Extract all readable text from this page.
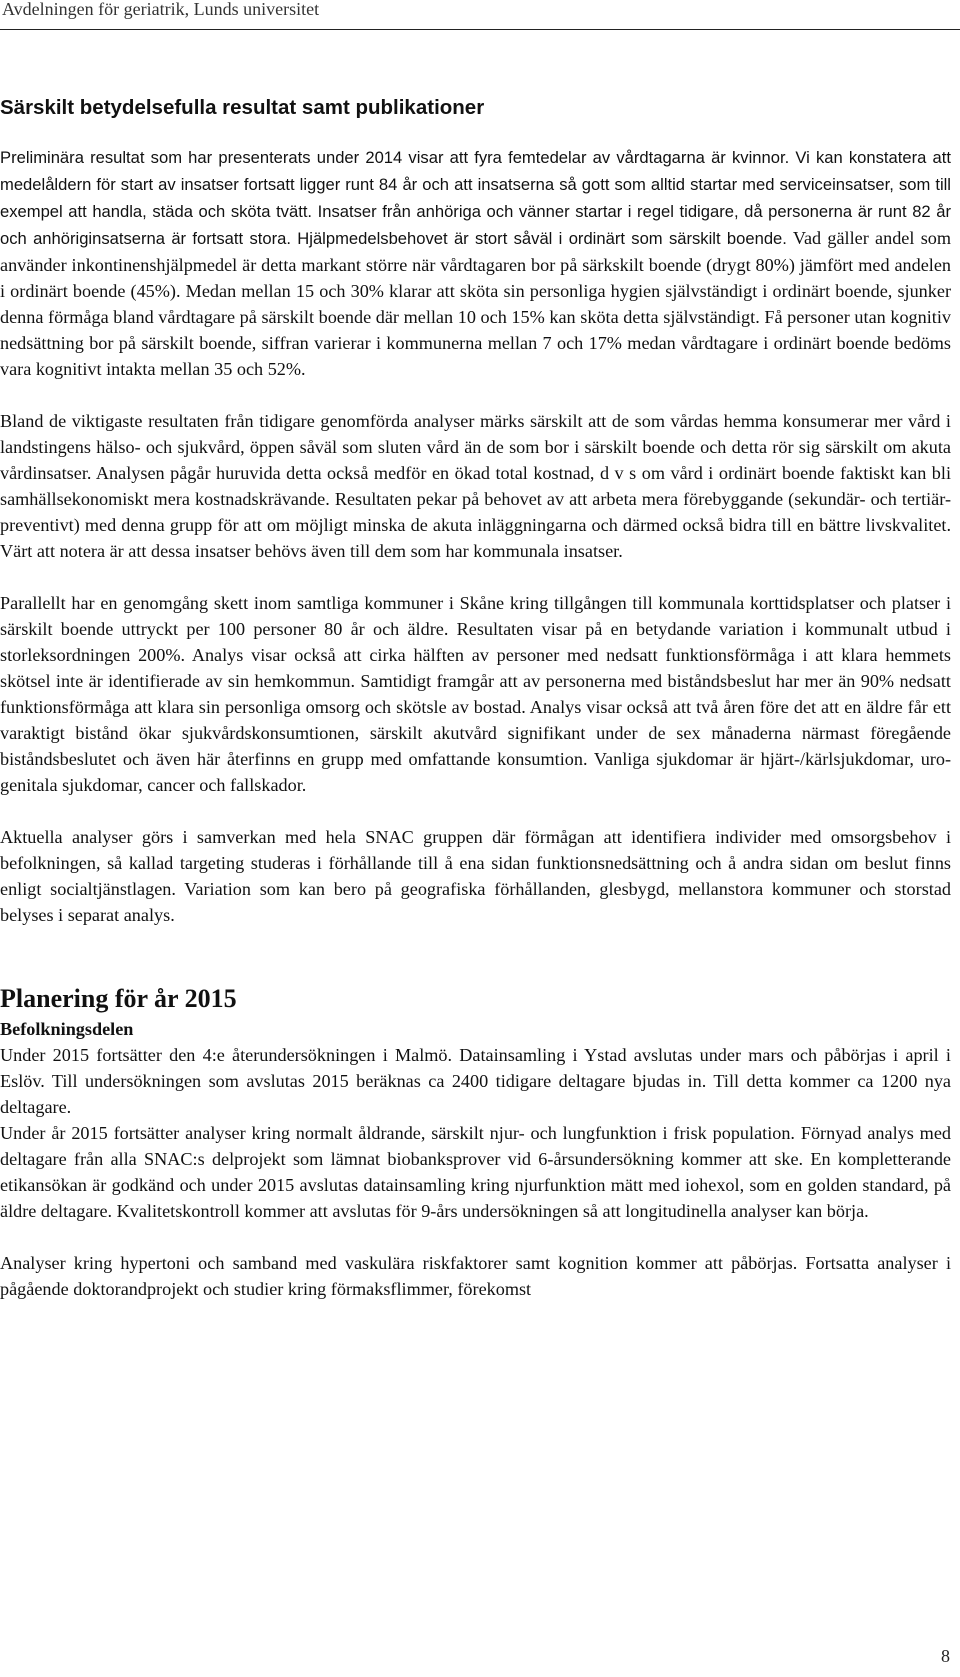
Avdelningen för geriatrik, Lunds universitet
Särskilt betydelsefulla resultat samt publikationer

Preliminära resultat som har presenterats under 2014 visar att fyra femtedelar av vårdtagarna är kvinnor. Vi kan konstatera att medelåldern för start av insatser fortsatt ligger runt 84 år och att insatserna så gott som alltid startar med serviceinsatser, som till exempel att handla, städa och sköta tvätt. Insatser från anhöriga och vänner startar i regel tidigare, då personerna är runt 82 år och anhöriginsatserna är fortsatt stora. Hjälpmedelsbehovet är stort såväl i ordinärt som särskilt boende. Vad gäller andel som använder inkontinenshjälpmedel är detta markant större när vårdtagaren bor på särkskilt boende (drygt 80%) jämfört med andelen i ordinärt boende (45%). Medan mellan 15 och 30% klarar att sköta sin personliga hygien självständigt i ordinärt boende, sjunker denna förmåga bland vårdtagare på särskilt boende där mellan 10 och 15% kan sköta detta självständigt. Få personer utan kognitiv nedsättning bor på särskilt boende, siffran varierar i kommunerna mellan 7 och 17% medan vårdtagare i ordinärt boende bedöms vara kognitivt intakta mellan 35 och 52%.

Bland de viktigaste resultaten från tidigare genomförda analyser märks särskilt att de som vårdas hemma konsumerar mer vård i landstingens hälso- och sjukvård, öppen såväl som sluten vård än de som bor i särskilt boende och detta rör sig särskilt om akuta vårdinsatser. Analysen pågår huruvida detta också medför en ökad total kostnad, d v s om vård i ordinärt boende faktiskt kan bli samhällsekonomiskt mera kostnadskrävande. Resultaten pekar på behovet av att arbeta mera förebyggande (sekundär- och tertiär-preventivt) med denna grupp för att om möjligt minska de akuta inläggningarna och därmed också bidra till en bättre livskvalitet. Värt att notera är att dessa insatser behövs även till dem som har kommunala insatser.

Parallellt har en genomgång skett inom samtliga kommuner i Skåne kring tillgången till kommunala korttidsplatser och platser i särskilt boende uttryckt per 100 personer 80 år och äldre. Resultaten visar på en betydande variation i kommunalt utbud i storleksordningen 200%. Analys visar också att cirka hälften av personer med nedsatt funktionsförmåga i att klara hemmets skötsel inte är identifierade av sin hemkommun. Samtidigt framgår att av personerna med biståndsbeslut har mer än 90% nedsatt funktionsförmåga att klara sin personliga omsorg och skötsle av bostad. Analys visar också att två åren före det att en äldre får ett varaktigt bistånd ökar sjukvårdskonsumtionen, särskilt akutvård signifikant under de sex månaderna närmast föregående biståndsbeslutet och även här återfinns en grupp med omfattande konsumtion. Vanliga sjukdomar är hjärt-/kärlsjukdomar, uro-genitala sjukdomar, cancer och fallskador.

Aktuella analyser görs i samverkan med hela SNAC gruppen där förmågan att identifiera individer med omsorgsbehov i befolkningen, så kallad targeting studeras i förhållande till å ena sidan funktionsnedsättning och å andra sidan om beslut finns enligt socialtjänstlagen. Variation som kan bero på geografiska förhållanden, glesbygd, mellanstora kommuner och storstad belyses i separat analys.

Planering för år 2015
Befolkningsdelen

Under 2015 fortsätter den 4:e återundersökningen i Malmö. Datainsamling i Ystad avslutas under mars och påbörjas i april i Eslöv. Till undersökningen som avslutas 2015 beräknas ca 2400 tidigare deltagare bjudas in. Till detta kommer ca 1200 nya deltagare.

Under år 2015 fortsätter analyser kring normalt åldrande, särskilt njur- och lungfunktion i frisk population. Förnyad analys med deltagare från alla SNAC:s delprojekt som lämnat biobanksprover vid 6-årsundersökning kommer att ske. En kompletterande etikansökan är godkänd och under 2015 avslutas datainsamling kring njurfunktion mätt med iohexol, som en golden standard, på äldre deltagare. Kvalitetskontroll kommer att avslutas för 9-års undersökningen så att longitudinella analyser kan börja.

Analyser kring hypertoni och samband med vaskulära riskfaktorer samt kognition kommer att påbörjas. Fortsatta analyser i pågående doktorandprojekt och studier kring förmaksflimmer, förekomst

8
